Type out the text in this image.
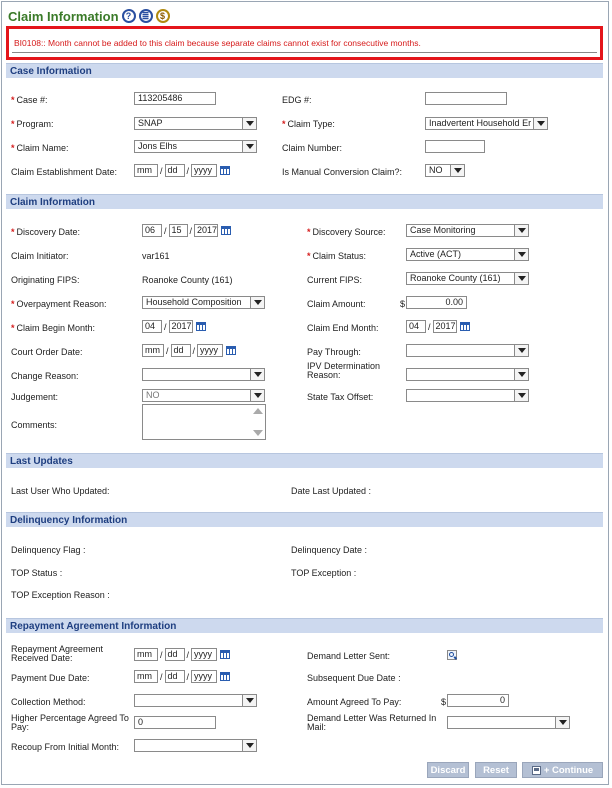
Claim Information ?	≣	$
BI0108:: Month cannot be added to this claim because separate claims cannot exist for consecutive months.
Case Information
* Case #:	113205486	EDG #:
* Program:	SNAP	* Claim Type:	Inadvertent Household Er
* Claim Name:	Jons Elhs	Claim Number:
Claim Establishment Date:	mm / dd / yyyy	Is Manual Conversion Claim?:	NO
Claim Information
* Discovery Date:	06 / 15 / 2017	* Discovery Source:	Case Monitoring
Claim Initiator:	var161	* Claim Status:	Active (ACT)
Originating FIPS:	Roanoke County (161)	Current FIPS:	Roanoke County (161)
* Overpayment Reason:	Household Composition	Claim Amount:	$	0.00
* Claim Begin Month:	04 / 2017	Claim End Month:	04 / 2017
Court Order Date:	mm / dd / yyyy	Pay Through:
Change Reason:
IPV Determination Reason:
Judgement:	NO	State Tax Offset:
Comments:
Last Updates
Last User Who Updated:	Date Last Updated :
Delinquency Information
Delinquency Flag :	Delinquency Date :
TOP Status :	TOP Exception :
TOP Exception Reason :
Repayment Agreement Information
Repayment Agreement Received Date:	mm / dd / yyyy	Demand Letter Sent:
Payment Due Date:	mm / dd / yyyy	Subsequent Due Date :
Collection Method:	Amount Agreed To Pay:	$	0
Higher Percentage Agreed To Pay:	0	Demand Letter Was Returned In Mail:
Recoup From Initial Month:
Discard	Reset	+ Continue
